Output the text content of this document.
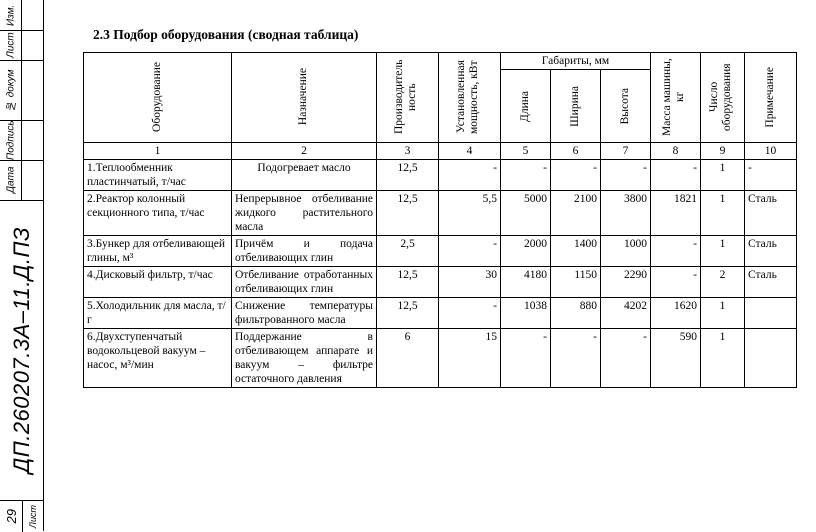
Изм.
Лист
№ докум
Подпись
Дата
ДП.260207.3А–11.Д.ПЗ
29 Лист
2.3 Подбор оборудования (сводная таблица)
Оборудование	Назначение	Производитель ность	Установленная мощность, кВт	Габариты, мм			Масса машины, кг	Число оборудования	Примечание

				Длина	Ширина	Высота			

1	2	3	4	5	6	7	8	9	10
1.Теплообменник пластинчатый, т/час	Подогревает масло	12,5	-	-	-	-	-	1	-
2.Реактор колонный секционного типа, т/час	Непрерывное отбеливание жидкого растительного масла	12,5	5,5	5000	2100	3800	1821	1	Сталь
3.Бункер для отбеливающей глины, м³	Причём и подача отбеливающих глин	2,5	-	2000	1400	1000	-	1	Сталь
4.Дисковый фильтр, т/час	Отбеливание отработанных отбеливающих глин	12,5	30	4180	1150	2290	-	2	Сталь
5.Холодильник для масла, т/г	Снижение температуры фильтрованного масла	12,5	-	1038	880	4202	1620	1	
6.Двухступенчатый водокольцевой вакуум – насос, м³/мин	Поддержание в отбеливающем аппарате и вакуум – фильтре остаточного давления	6	15	-	-	-	590	1	
